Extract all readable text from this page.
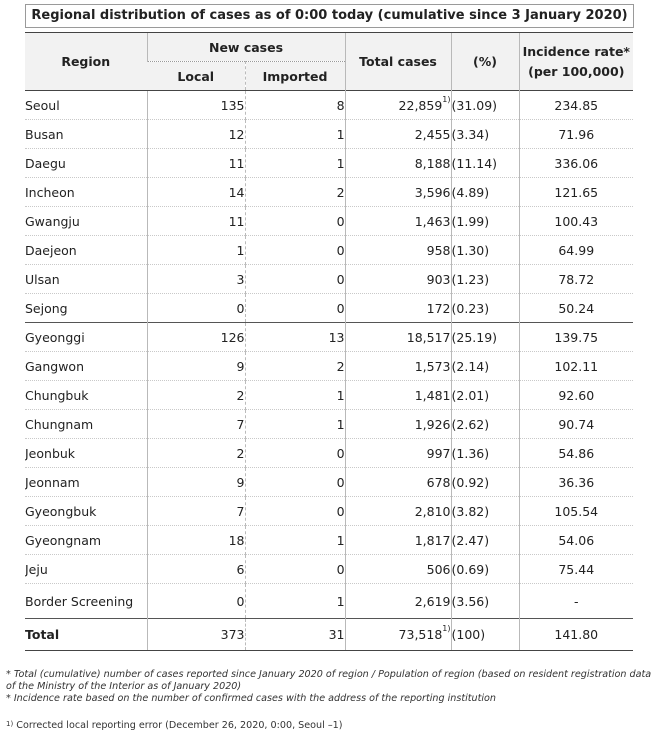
Regional distribution of cases as of 0:00 today (cumulative since 3 January 2020)
Region	New cases		Total cases	(%)	Incidence rate*
(per 100,000)

	Local	Imported			
Seoul	135	8	22,859$^{1)}$	(31.09)	234.85
Busan	12	1	2,455	(3.34)	71.96
Daegu	11	1	8,188	(11.14)	336.06
Incheon	14	2	3,596	(4.89)	121.65
Gwangju	11	0	1,463	(1.99)	100.43
Daejeon	1	0	958	(1.30)	64.99
Ulsan	3	0	903	(1.23)	78.72
Sejong	0	0	172	(0.23)	50.24
Gyeonggi	126	13	18,517	(25.19)	139.75
Gangwon	9	2	1,573	(2.14)	102.11
Chungbuk	2	1	1,481	(2.01)	92.60
Chungnam	7	1	1,926	(2.62)	90.74
Jeonbuk	2	0	997	(1.36)	54.86
Jeonnam	9	0	678	(0.92)	36.36
Gyeongbuk	7	0	2,810	(3.82)	105.54
Gyeongnam	18	1	1,817	(2.47)	54.06
Jeju	6	0	506	(0.69)	75.44
Border Screening	0	1	2,619	(3.56)	-
Total	373	31	73,518$^{1)}$	(100)	141.80
* Total (cumulative) number of cases reported since January 2020 of region / Population of region (based on resident registration data of the Ministry of the Interior as of January 2020)
* Incidence rate based on the number of confirmed cases with the address of the reporting institution
$^{1)}$ Corrected local reporting error (December 26, 2020, 0:00, Seoul –1)
